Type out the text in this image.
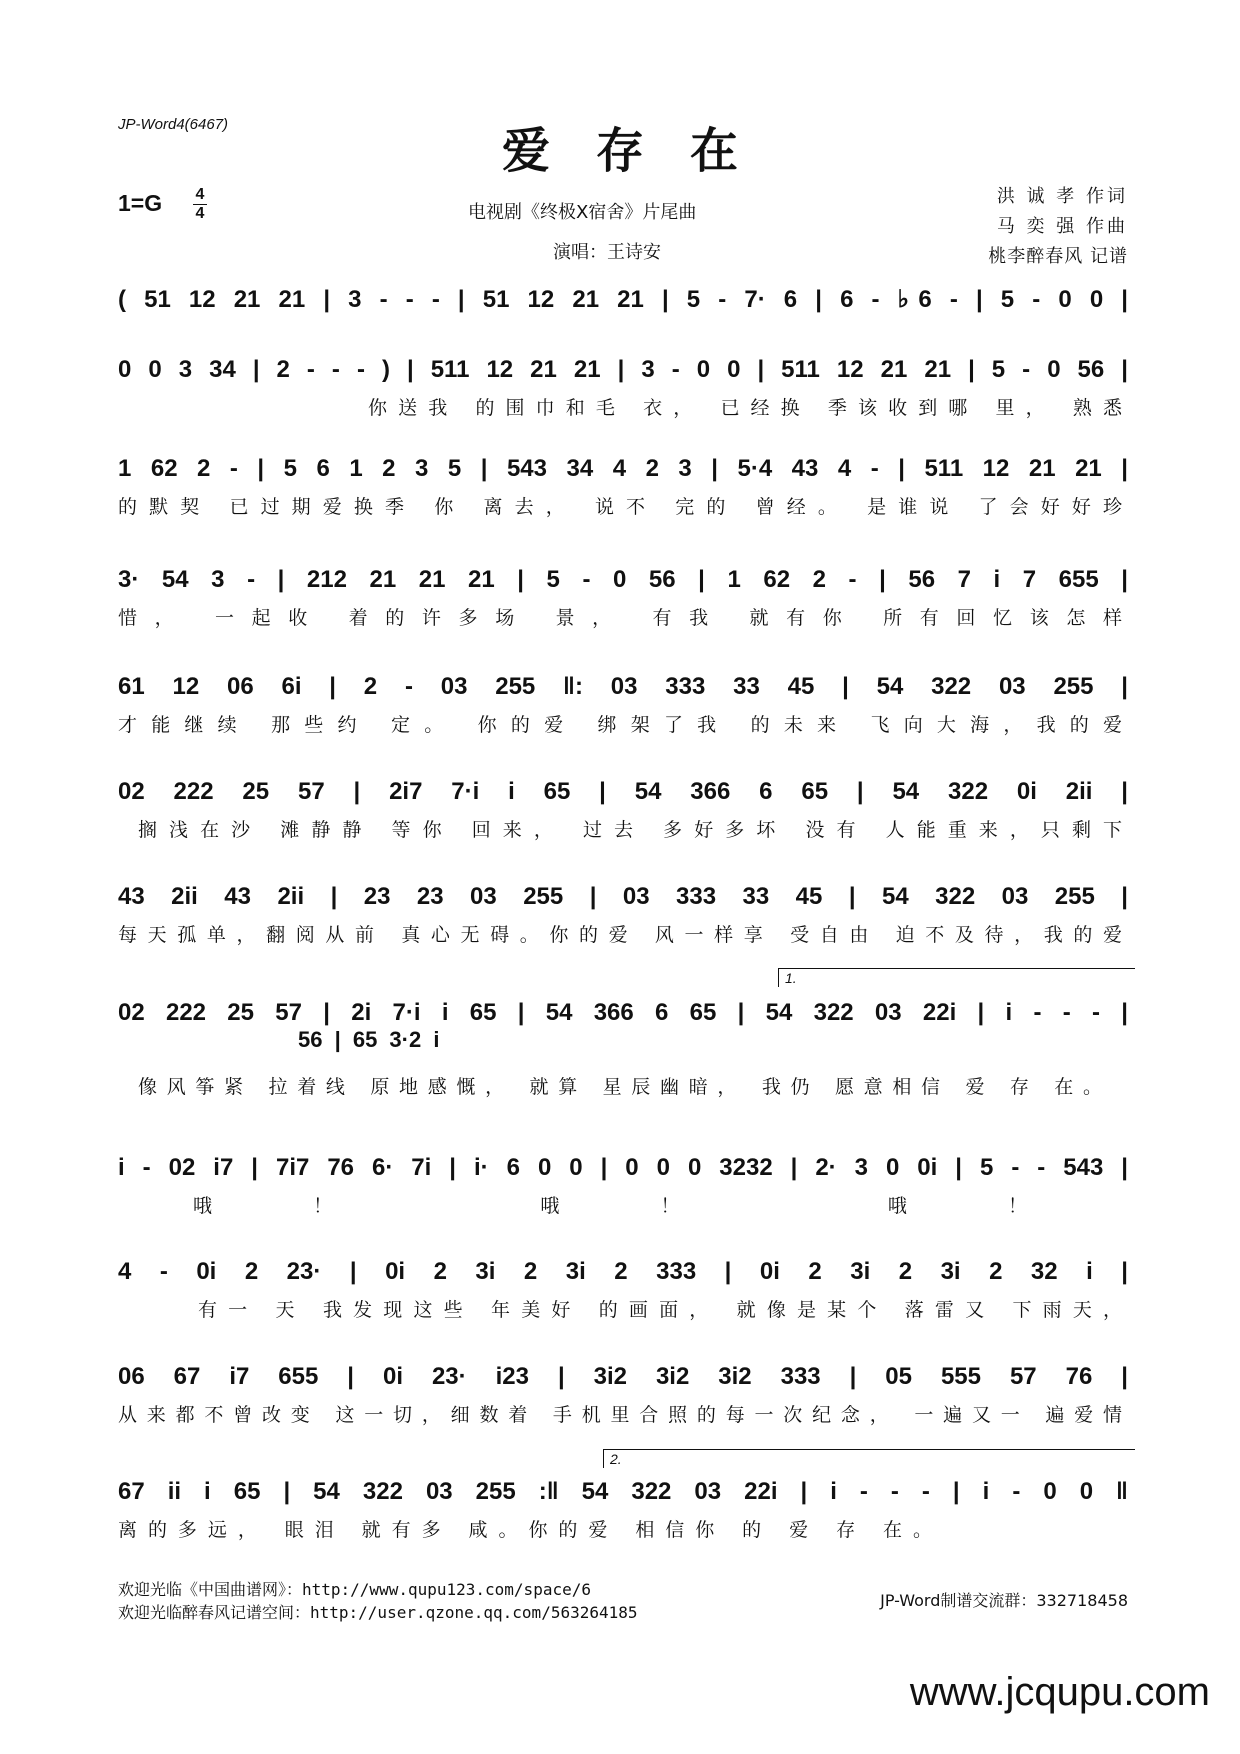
JP-Word4(6467)	爱存在
1=G 4
4	电视剧《终极X宿舍》片尾曲
演唱：王诗安
洪 诚 孝 作词
马 奕 强 作曲
桃李醉春风 记谱
( 51 12 21 21 | 3 - - - | 51 12 21 21 | 5 - 7· 6 | 6 - ♭6 - | 5 - 0 0 |
0 0 3 34 | 2 - - - ) | 511 12 21 21 | 3 - 0 0 | 511 12 21 21 | 5 - 0 56 |
你送我 的围巾和毛 衣， 已经换 季该收到哪 里， 熟悉
1 62 2 - | 5 6 1 2 3 5 | 543 34 4 2 3 | 5·4 43 4 - | 511 12 21 21 |
的默契 已过期爱换季 你 离去， 说不 完的 曾经。 是谁说 了会好好珍
3· 54 3 - | 212 21 21 21 | 5 - 0 56 | 1 62 2 - | 56 7 i 7 655 |
惜， 一起收 着的许多场 景， 有我 就有你 所有回忆该怎样
61 12 06 6i | 2 - 03 255 ‖: 03 333 33 45 | 54 322 03 255 |
才能继续 那些约 定。 你的爱 绑架了我 的未来 飞向大海，我的爱
02 222 25 57 | 2i7 7·i i 65 | 54 366 6 65 | 54 322 0i 2ii |
搁浅在沙 滩静静 等你 回来， 过去 多好多坏 没有 人能重来，只剩下
43 2ii 43 2ii | 23 23 03 255 | 03 333 33 45 | 54 322 03 255 |
每天孤单，翻阅从前 真心无碍。你的爱 风一样享 受自由 迫不及待，我的爱
1.
02 222 25 57 | 2i 7·i i 65 | 54 366 6 65 | 54 322 03 22i | i - - - |
56 | 65 3·2 i
像风筝紧 拉着线 原地感慨， 就算 星辰幽暗， 我仍 愿意相信 爱 存 在。
i - 02 i7 | 7i7 76 6· 7i | i· 6 0 0 | 0 0 0 3232 | 2· 3 0 0i | 5 - - 543 |
哦！ 哦！ 哦！
4 - 0i 2 23· | 0i 2 3i 2 3i 2 333 | 0i 2 3i 2 3i 2 32 i |
有一 天 我发现这些 年美好 的画面， 就像是某个 落雷又 下雨天，
06 67 i7 655 | 0i 23· i23 | 3i2 3i2 3i2 333 | 05 555 57 76 |
从来都不曾改变 这一切，细数着 手机里合照的每一次纪念， 一遍又一 遍爱情
2.
67 ii i 65 | 54 322 03 255 :‖ 54 322 03 22i | i - - - | i - 0 0 ‖
离的多远， 眼泪 就有多 咸。你的爱 相信你 的 爱 存 在。
欢迎光临《中国曲谱网》：http://www.qupu123.com/space/6
欢迎光临醉春风记谱空间：http://user.qzone.qq.com/563264185
JP-Word制谱交流群：332718458
www.jcqupu.com
